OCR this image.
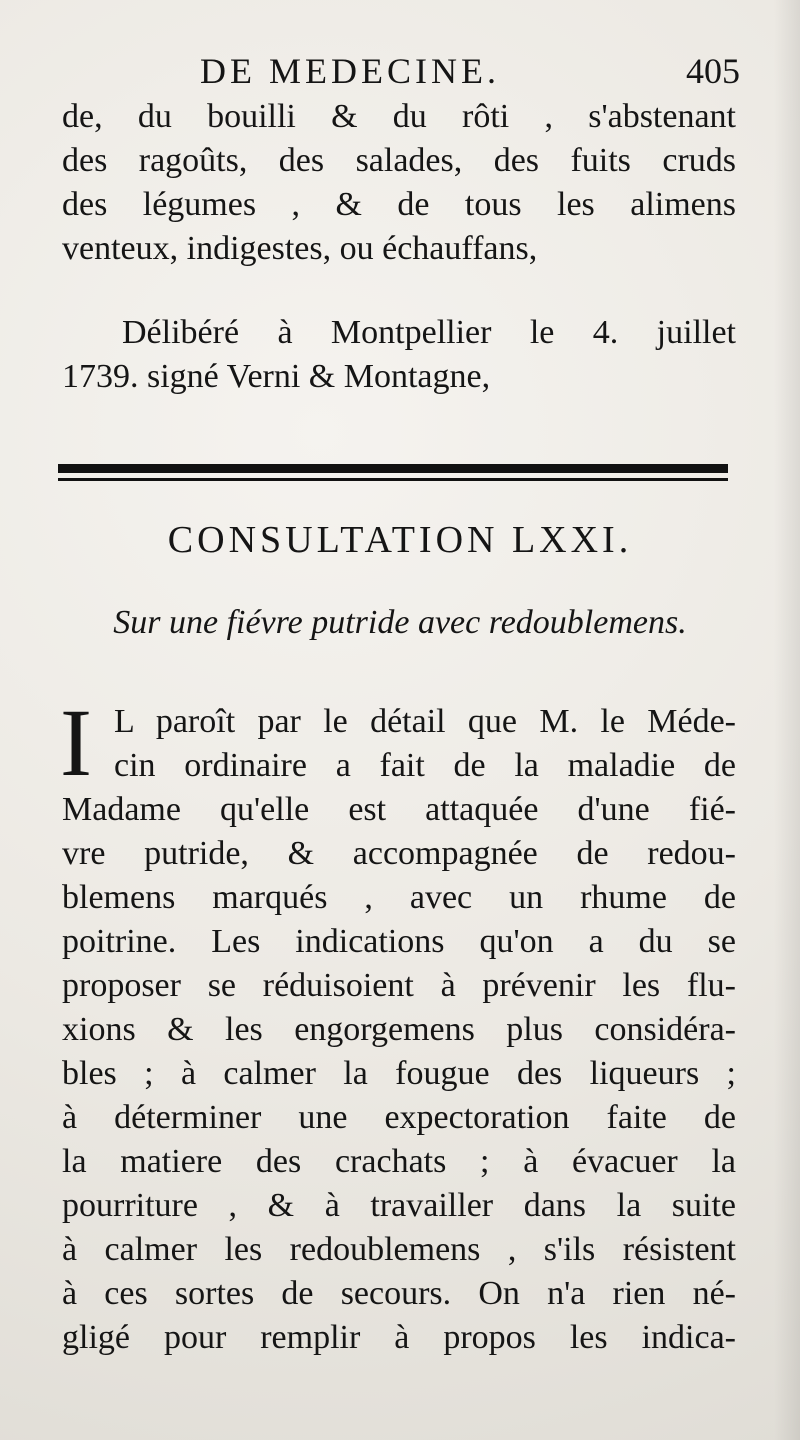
DE MEDECINE.	405
de, du bouilli & du rôti , s'abstenant
des ragoûts, des salades, des fuits cruds
des légumes , & de tous les alimens
venteux, indigestes, ou échauffans,
Délibéré à Montpellier le 4. juillet
1739. signé Verni & Montagne,
CONSULTATION LXXI.
Sur une fiévre putride avec redoublemens.
I L paroît par le détail que M. le Méde-
cin ordinaire a fait de la maladie de
Madame qu'elle est attaquée d'une fié-
vre putride, & accompagnée de redou-
blemens marqués , avec un rhume de
poitrine. Les indications qu'on a du se
proposer se réduisoient à prévenir les flu-
xions & les engorgemens plus considéra-
bles ; à calmer la fougue des liqueurs ;
à déterminer une expectoration faite de
la matiere des crachats ; à évacuer la
pourriture , & à travailler dans la suite
à calmer les redoublemens , s'ils résistent
à ces sortes de secours. On n'a rien né-
gligé pour remplir à propos les indica-
